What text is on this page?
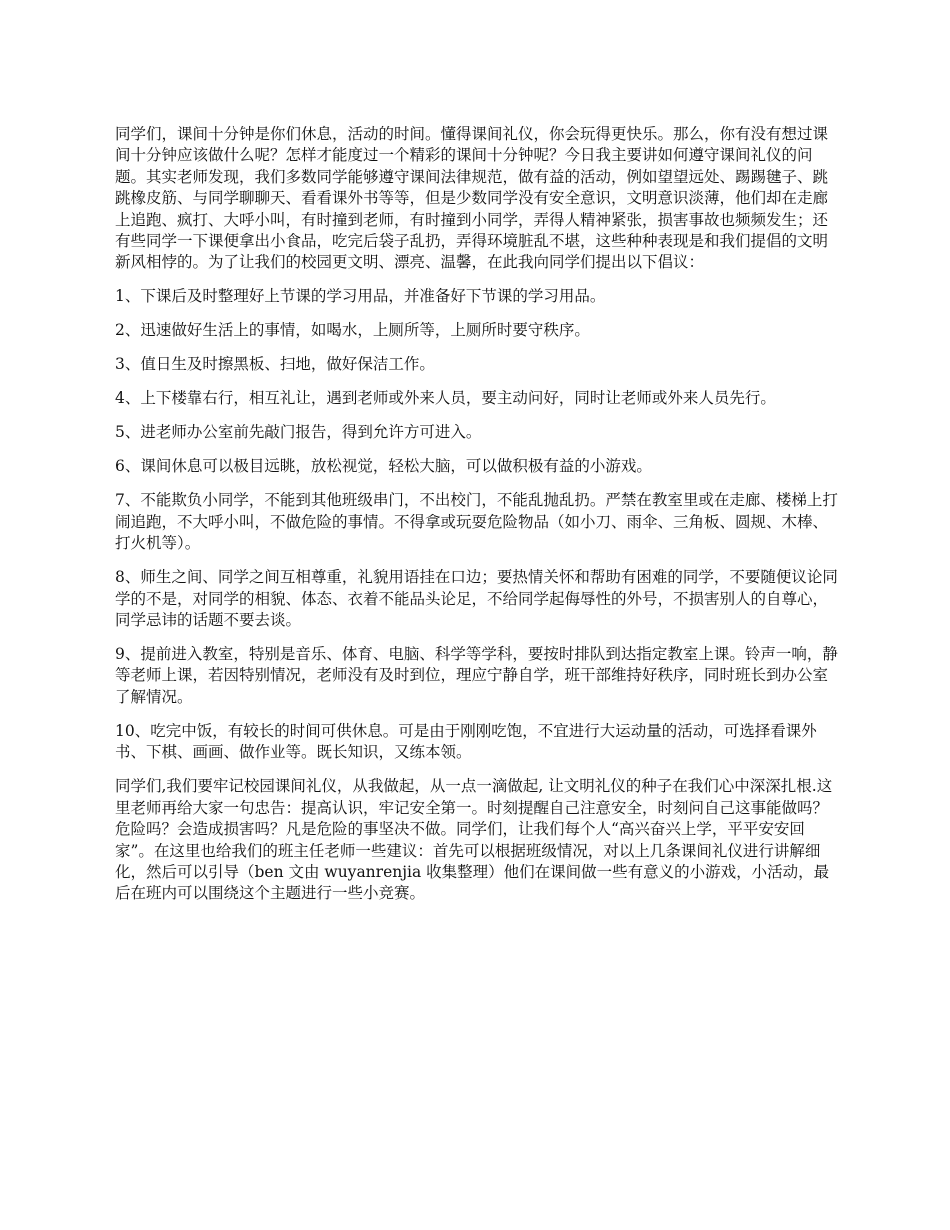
同学们，课间十分钟是你们休息，活动的时间。懂得课间礼仪，你会玩得更快乐。那么，你有没有想过课间十分钟应该做什么呢？怎样才能度过一个精彩的课间十分钟呢？今日我主要讲如何遵守课间礼仪的问题。其实老师发现，我们多数同学能够遵守课间法律规范，做有益的活动，例如望望远处、踢踢毽子、跳跳橡皮筋、与同学聊聊天、看看课外书等等，但是少数同学没有安全意识，文明意识淡薄，他们却在走廊上追跑、疯打、大呼小叫，有时撞到老师，有时撞到小同学，弄得人精神紧张，损害事故也频频发生；还有些同学一下课便拿出小食品，吃完后袋子乱扔，弄得环境脏乱不堪，这些种种表现是和我们提倡的文明新风相悖的。为了让我们的校园更文明、漂亮、温馨，在此我向同学们提出以下倡议：

1、下课后及时整理好上节课的学习用品，并准备好下节课的学习用品。

2、迅速做好生活上的事情，如喝水，上厕所等，上厕所时要守秩序。

3、值日生及时擦黑板、扫地，做好保洁工作。

4、上下楼靠右行，相互礼让，遇到老师或外来人员，要主动问好，同时让老师或外来人员先行。

5、进老师办公室前先敲门报告，得到允许方可进入。

6、课间休息可以极目远眺，放松视觉，轻松大脑，可以做积极有益的小游戏。

7、不能欺负小同学，不能到其他班级串门，不出校门，不能乱抛乱扔。严禁在教室里或在走廊、楼梯上打闹追跑，不大呼小叫，不做危险的事情。不得拿或玩耍危险物品（如小刀、雨伞、三角板、圆规、木棒、打火机等）。

8、师生之间、同学之间互相尊重，礼貌用语挂在口边；要热情关怀和帮助有困难的同学，不要随便议论同学的不是，对同学的相貌、体态、衣着不能品头论足，不给同学起侮辱性的外号，不损害别人的自尊心，同学忌讳的话题不要去谈。

9、提前进入教室，特别是音乐、体育、电脑、科学等学科，要按时排队到达指定教室上课。铃声一响，静等老师上课，若因特别情况，老师没有及时到位，理应宁静自学，班干部维持好秩序，同时班长到办公室了解情况。

10、吃完中饭，有较长的时间可供休息。可是由于刚刚吃饱，不宜进行大运动量的活动，可选择看课外书、下棋、画画、做作业等。既长知识，又练本领。

同学们,我们要牢记校园课间礼仪，从我做起，从一点一滴做起, 让文明礼仪的种子在我们心中深深扎根.这里老师再给大家一句忠告：提高认识，牢记安全第一。时刻提醒自己注意安全，时刻问自己这事能做吗？危险吗？会造成损害吗？凡是危险的事坚决不做。同学们，让我们每个人“高兴奋兴上学，平平安安回家”。在这里也给我们的班主任老师一些建议：首先可以根据班级情况，对以上几条课间礼仪进行讲解细化，然后可以引导（ben 文由 wuyanrenjia 收集整理）他们在课间做一些有意义的小游戏，小活动，最后在班内可以围绕这个主题进行一些小竞赛。
